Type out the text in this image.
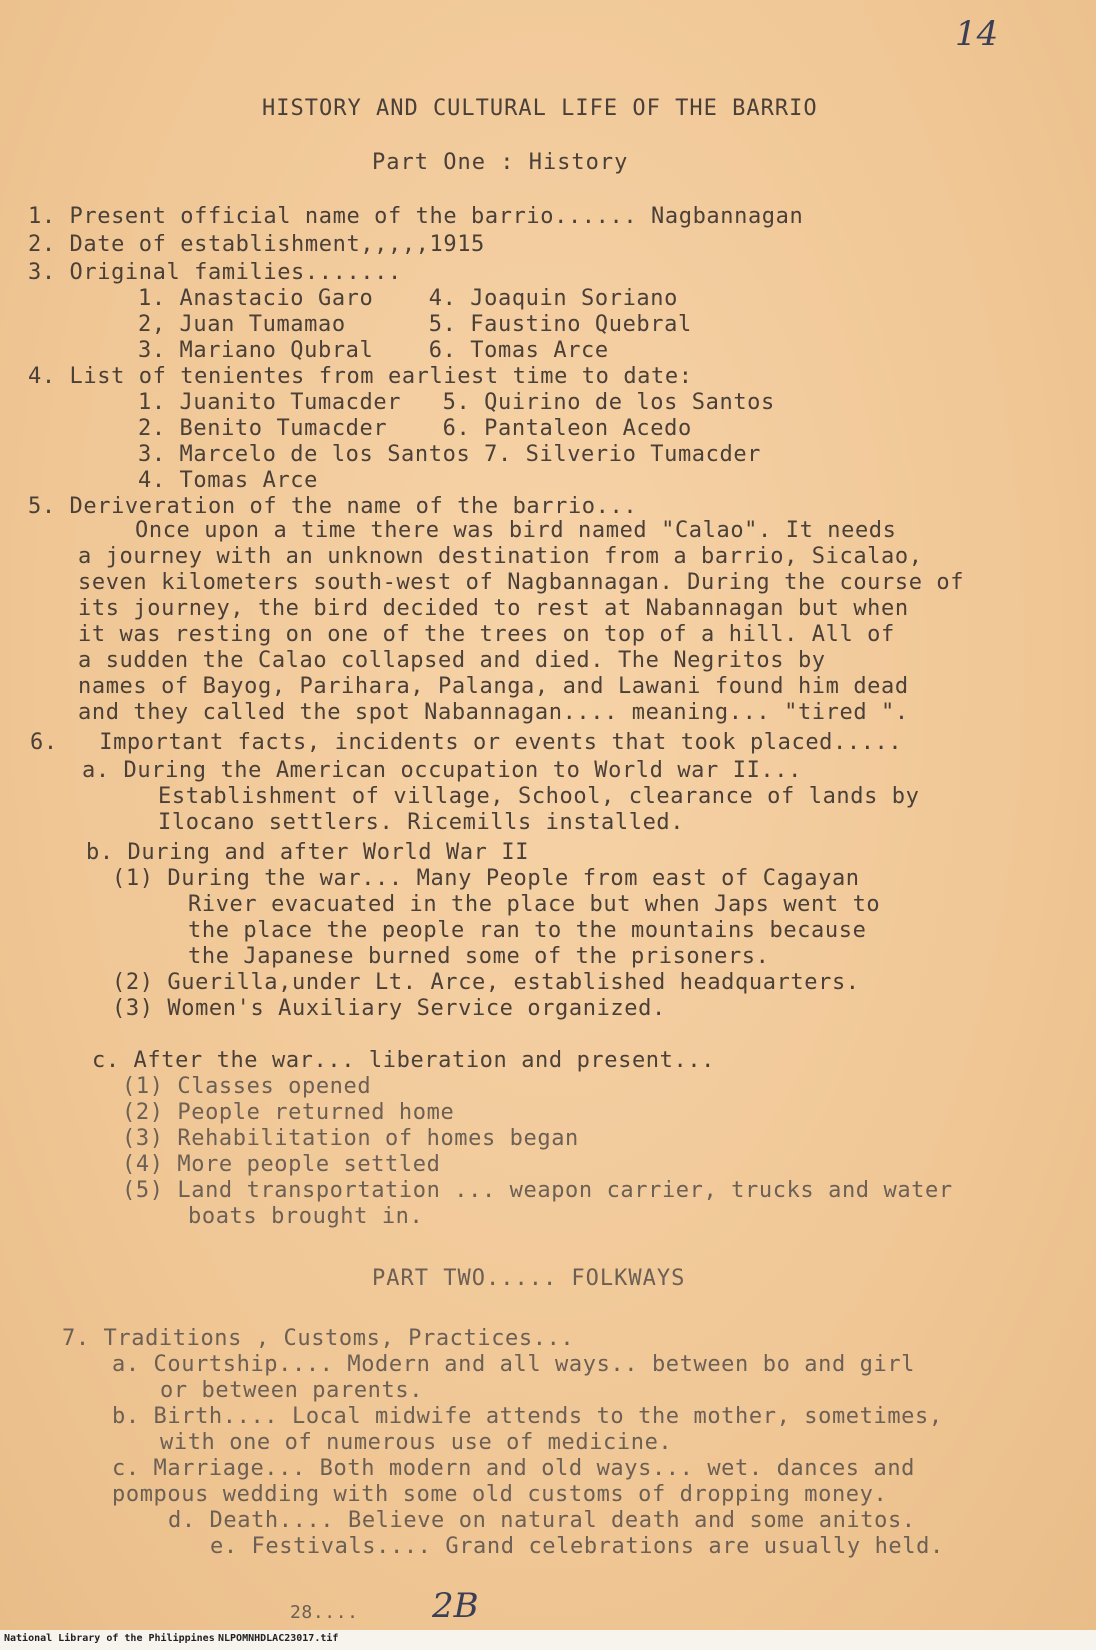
14
HISTORY AND CULTURAL LIFE OF THE BARRIO
Part One : History
1. Present official name of the barrio...... Nagbannagan
2. Date of establishment,,,,,1915
3. Original families.......
1. Anastacio Garo    4. Joaquin Soriano
2, Juan Tumamao      5. Faustino Quebral
3. Mariano Qubral    6. Tomas Arce
4. List of tenientes from earliest time to date:
1. Juanito Tumacder   5. Quirino de los Santos
2. Benito Tumacder    6. Pantaleon Acedo
3. Marcelo de los Santos 7. Silverio Tumacder
4. Tomas Arce
5. Deriveration of the name of the barrio...
Once upon a time there was bird named "Calao". It needs
a journey with an unknown destination from a barrio, Sicalao,
seven kilometers south-west of Nagbannagan. During the course of
its journey, the bird decided to rest at Nabannagan but when
it was resting on one of the trees on top of a hill. All of
a sudden the Calao collapsed and died. The Negritos by
names of Bayog, Parihara, Palanga, and Lawani found him dead
and they called the spot Nabannagan.... meaning... "tired ".
6.   Important facts, incidents or events that took placed.....
a. During the American occupation to World war II...
Establishment of village, School, clearance of lands by
Ilocano settlers. Ricemills installed.
b. During and after World War II
(1) During the war... Many People from east of Cagayan
River evacuated in the place but when Japs went to
the place the people ran to the mountains because
the Japanese burned some of the prisoners.
(2) Guerilla,under Lt. Arce, established headquarters.
(3) Women's Auxiliary Service organized.
c. After the war... liberation and present...
(1) Classes opened
(2) People returned home
(3) Rehabilitation of homes began
(4) More people settled
(5) Land transportation ... weapon carrier, trucks and water
boats brought in.
PART TWO..... FOLKWAYS
7. Traditions , Customs, Practices...
a. Courtship.... Modern and all ways.. between bo and girl
or between parents.
b. Birth.... Local midwife attends to the mother, sometimes,
with one of numerous use of medicine.
c. Marriage... Both modern and old ways... wet. dances and
pompous wedding with some old customs of dropping money.
d. Death.... Believe on natural death and some anitos.
e. Festivals.... Grand celebrations are usually held.
28.... 2B
National Library of the Philippines NLPOMNHDLAC23017.tif
